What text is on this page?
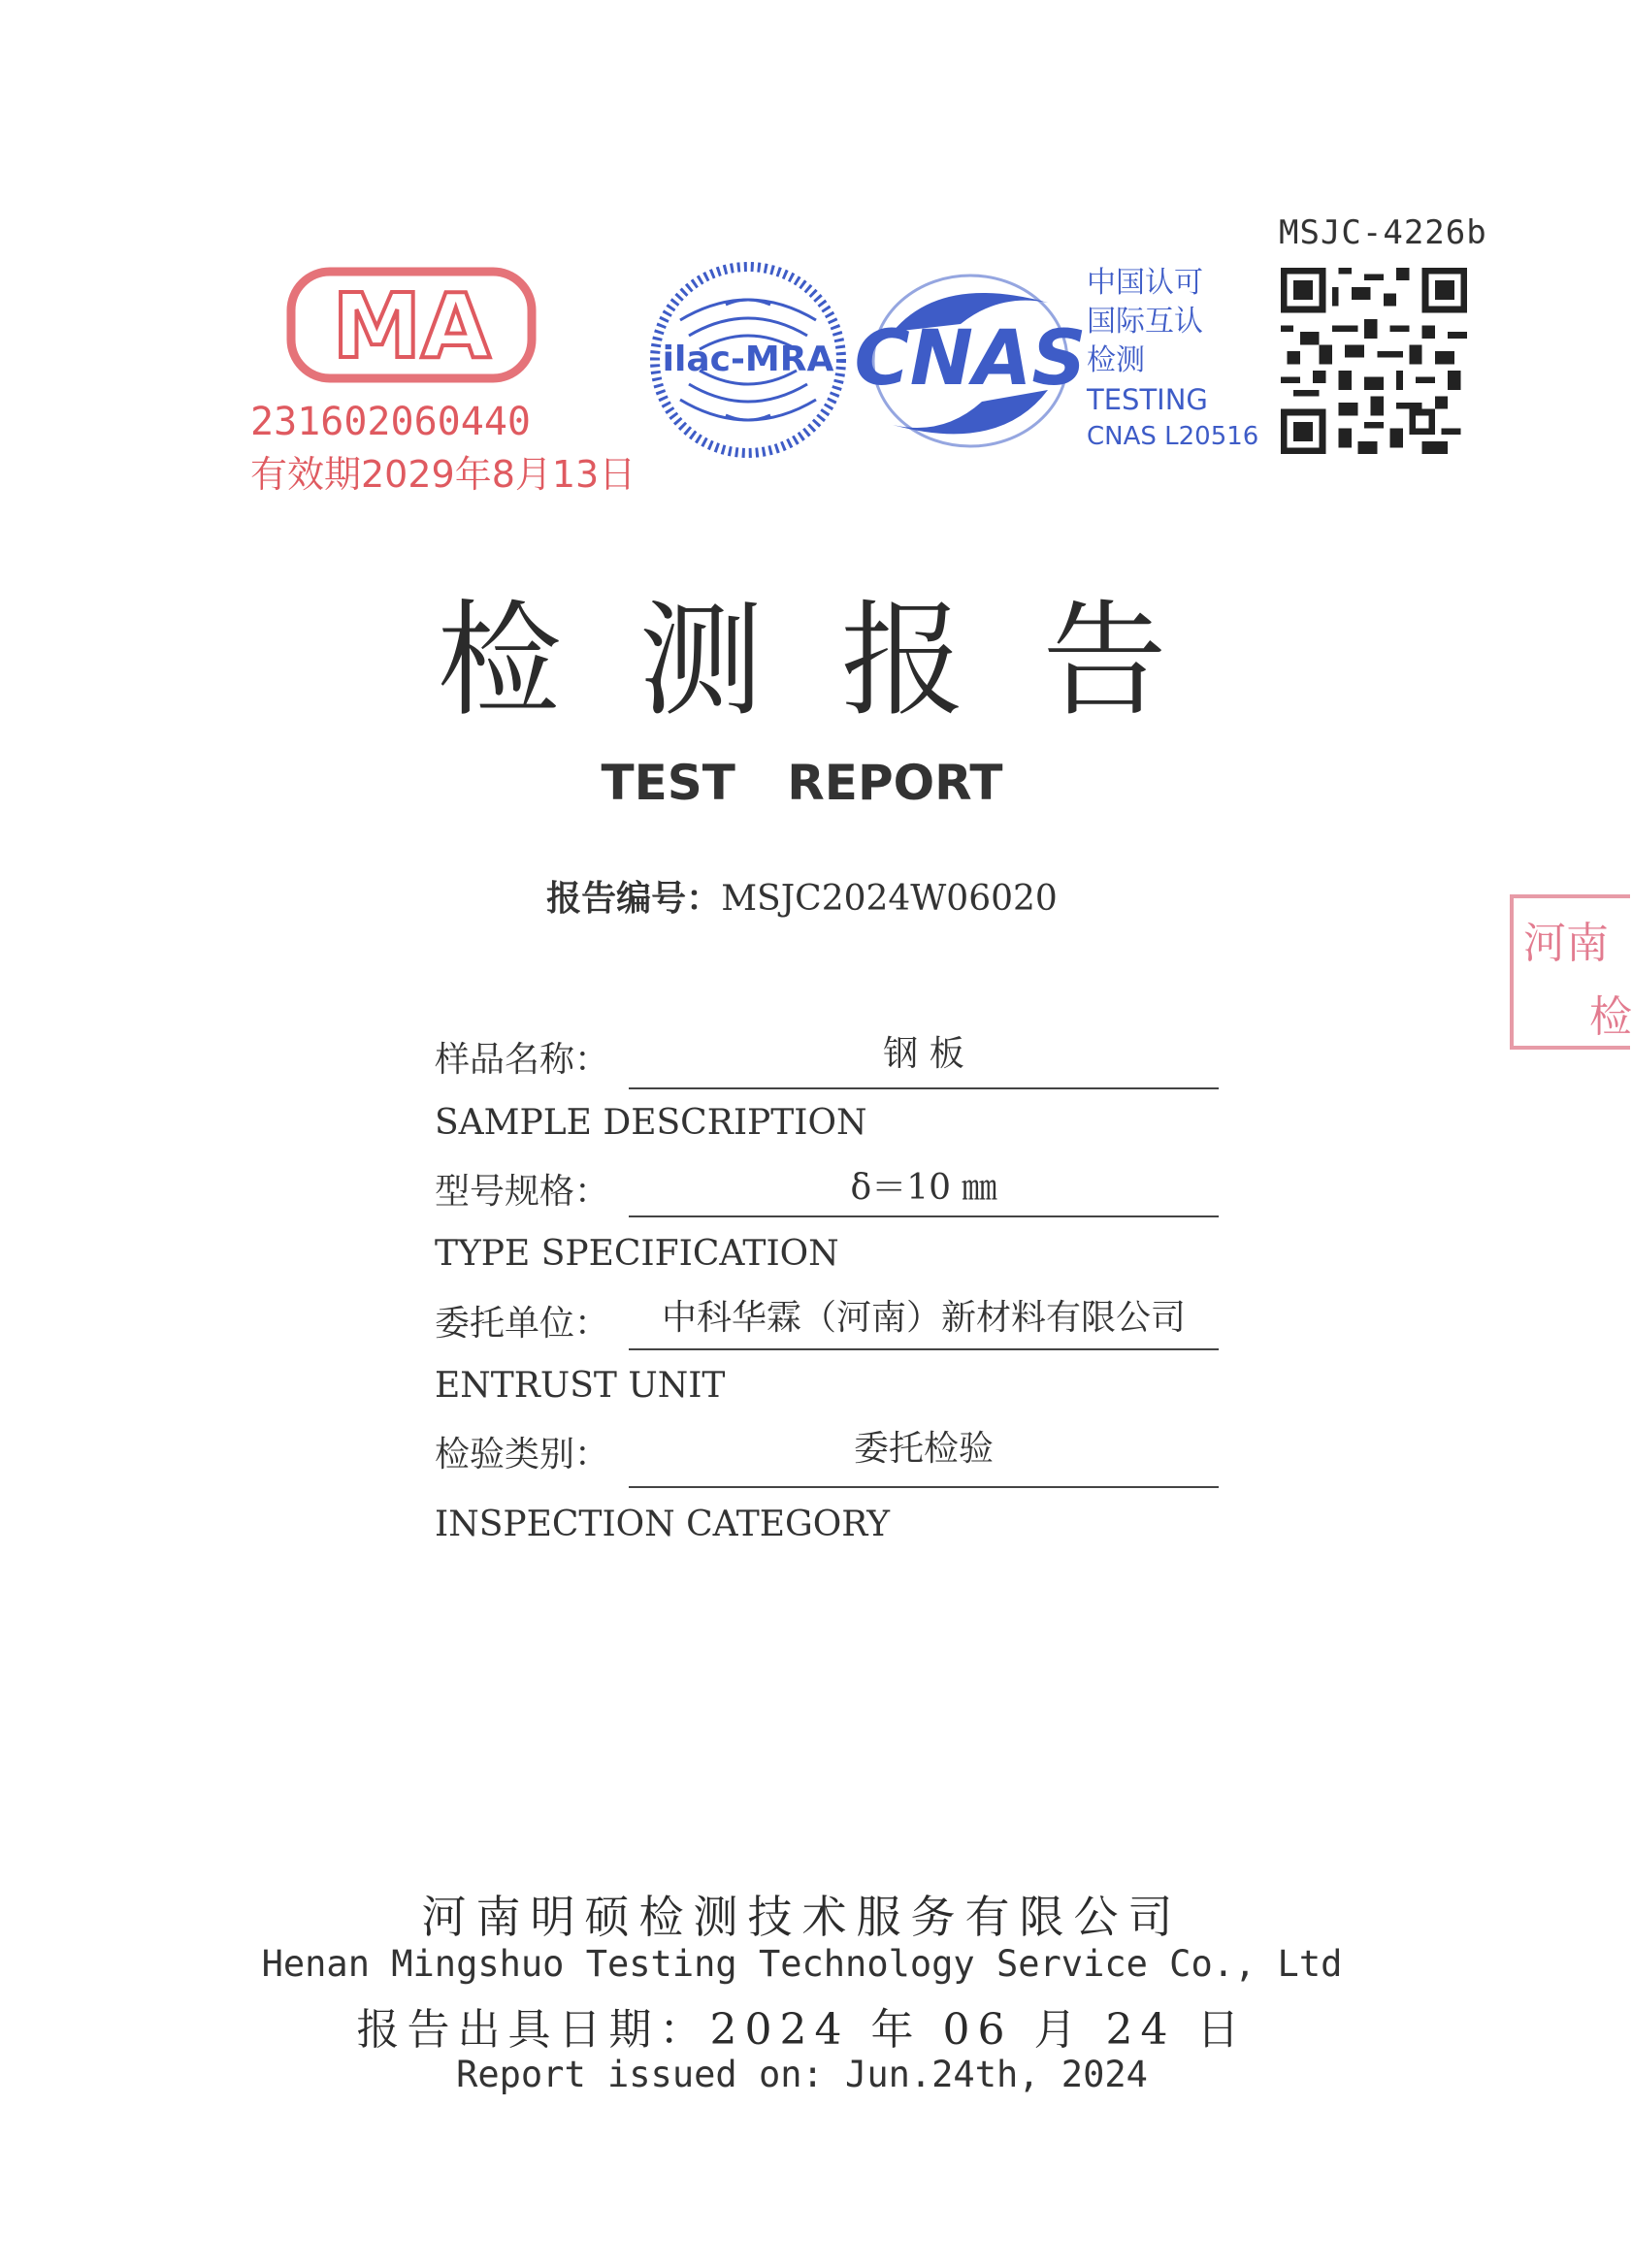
MSJC-4226b
MA
231602060440
有效期2029年8月13日
ilac-MRA CNAS
中国认可
国际互认
检测
TESTING
CNAS L20516
检测报告
TEST REPORT
报告编号：MSJC2024W06020
样品名称：	钢 板
SAMPLE DESCRIPTION
型号规格：	δ＝10 ㎜
TYPE SPECIFICATION
委托单位：	中科华霖（河南）新材料有限公司
ENTRUST UNIT
检验类别：	委托检验
INSPECTION CATEGORY
河南
检
河南明硕检测技术服务有限公司
Henan Mingshuo Testing Technology Service Co., Ltd
报告出具日期：2024 年 06 月 24 日
Report issued on: Jun.24th, 2024
